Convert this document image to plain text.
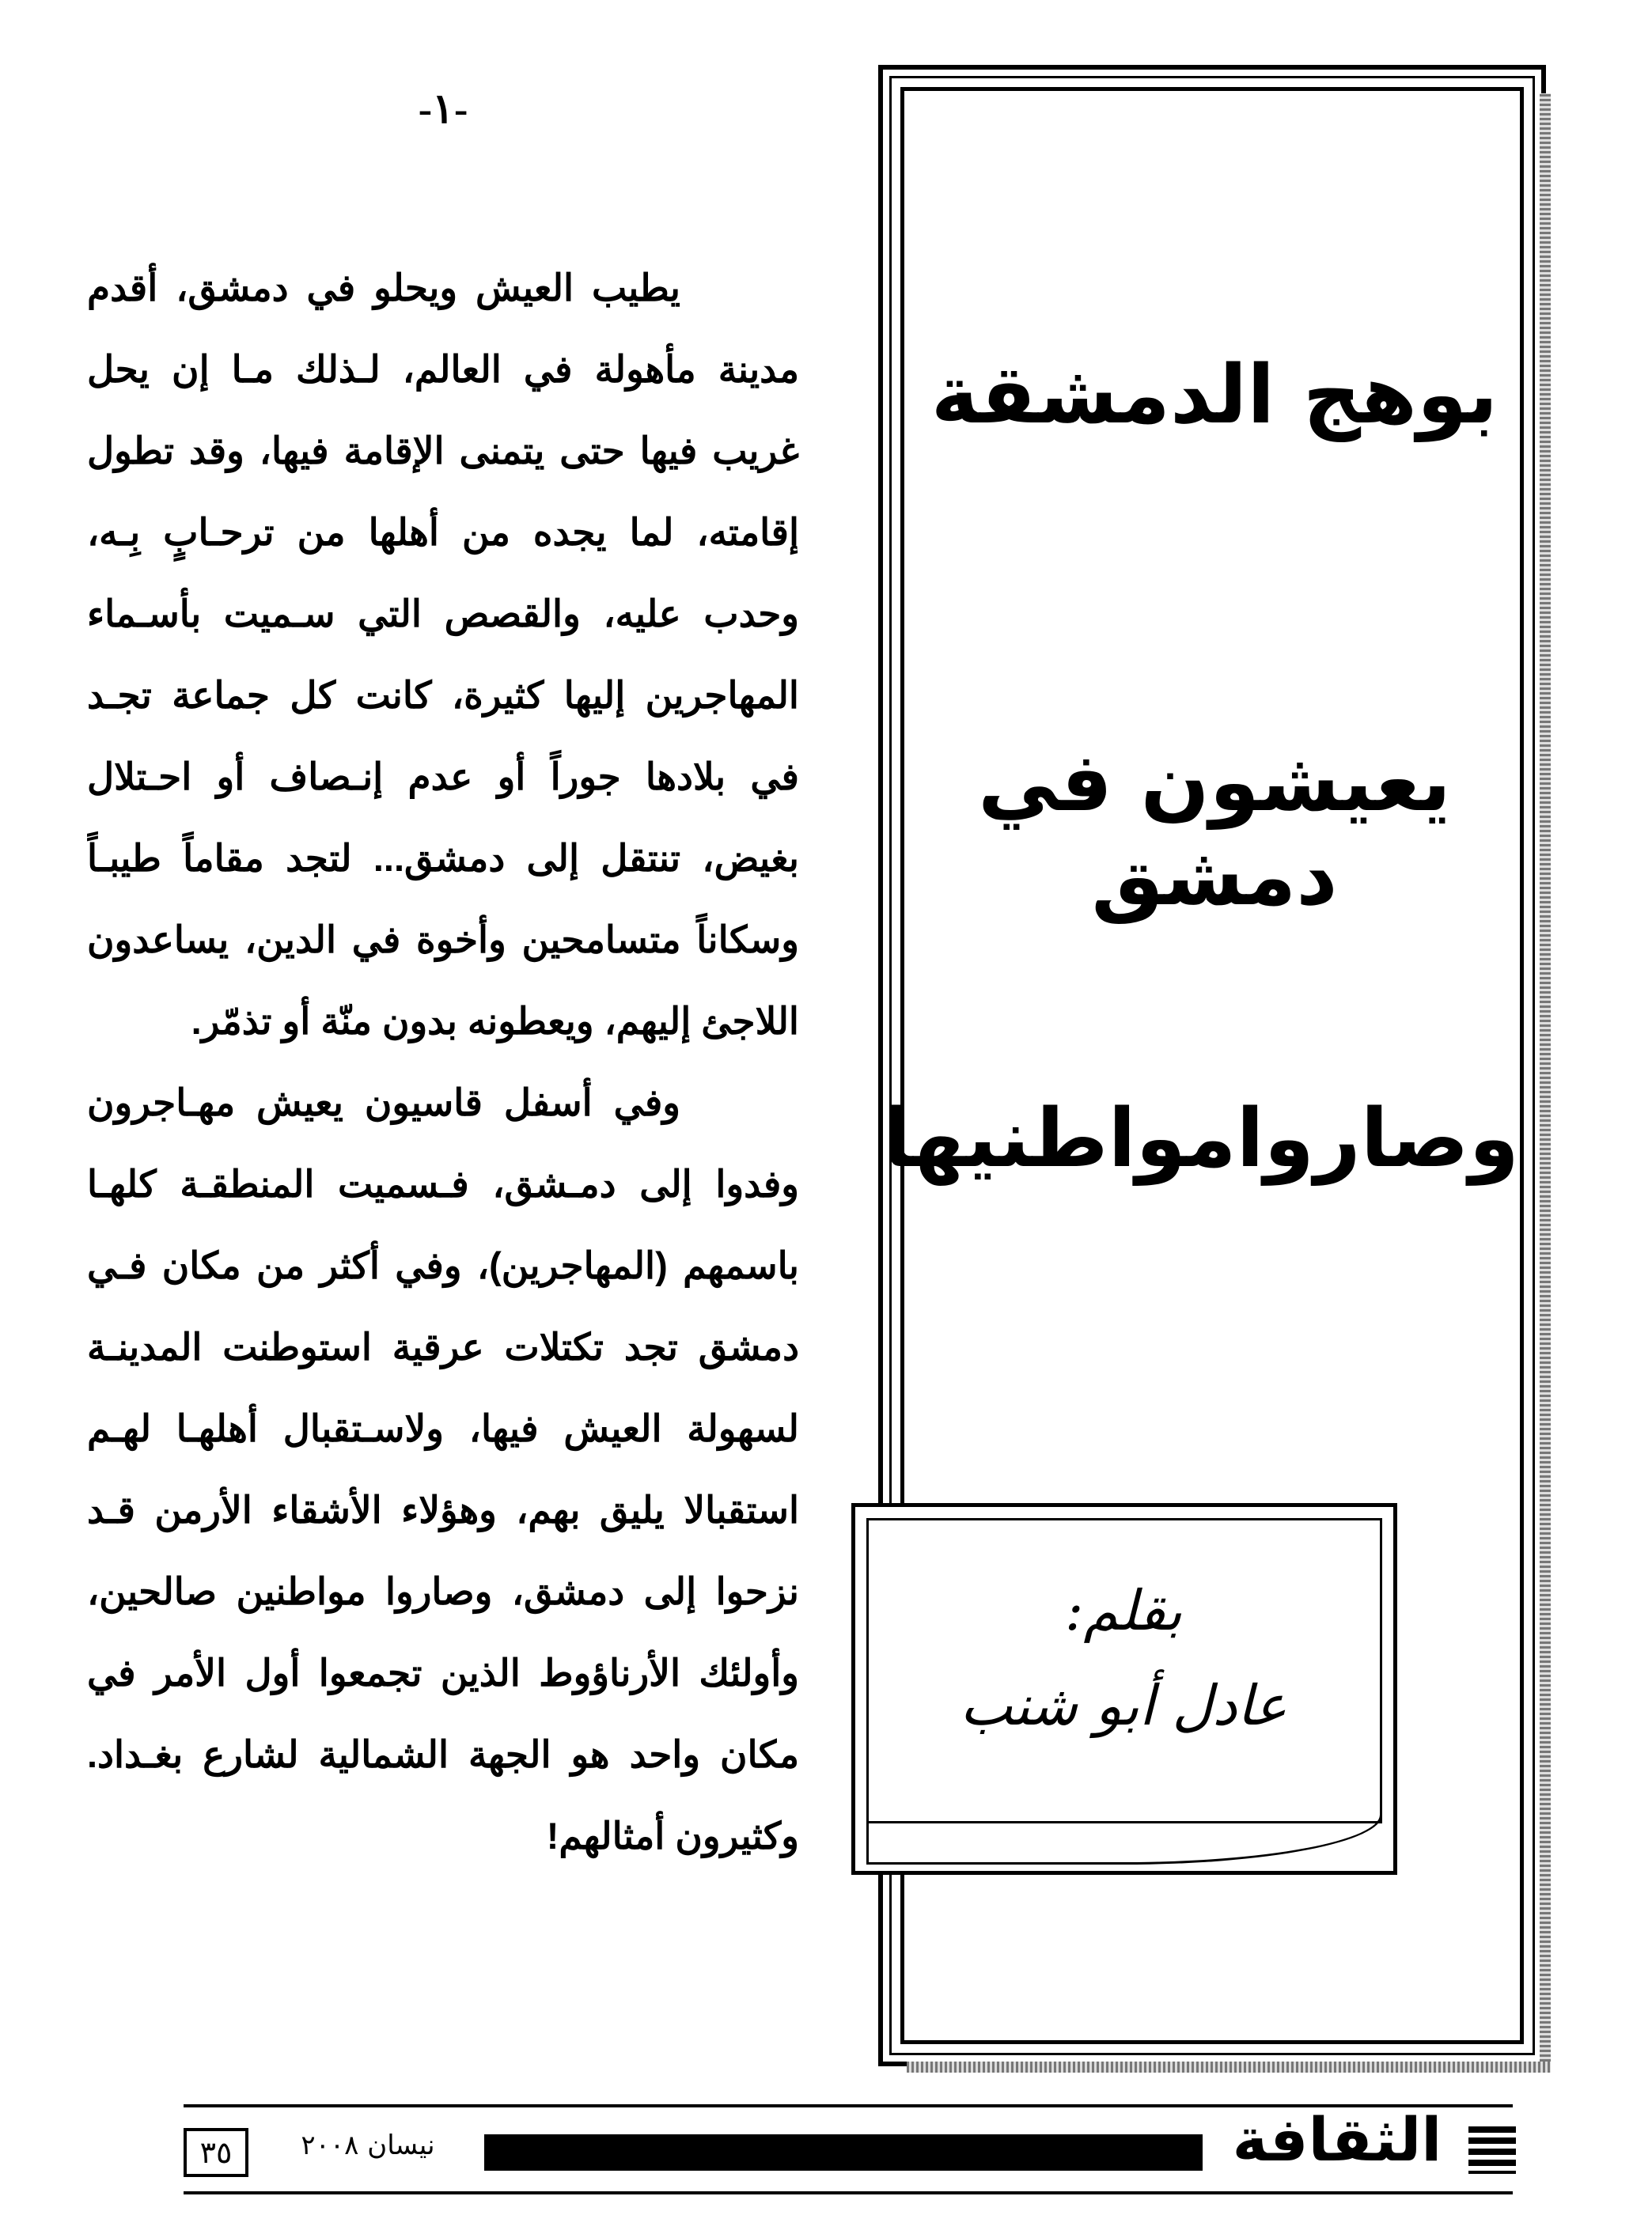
-١-
يطيب العيش ويحلو في دمشق، أقدم
مدينة مأهولة في العالم، لـذلك مـا إن يحل
غريب فيها حتى يتمنى الإقامة فيها، وقد تطول
إقامته، لما يجده من أهلها من ترحـابٍ بِـه،
وحدب عليه، والقصص التي سـميت بأسـماء
المهاجرين إليها كثيرة، كانت كل جماعة تجـد
في بلادها جوراً أو عدم إنـصاف أو احـتلال
بغيض، تنتقل إلى دمشق... لتجد مقاماً طيبـاً
وسكاناً متسامحين وأخوة في الدين، يساعدون
اللاجئ إليهم، ويعطونه بدون منّة أو تذمّر.
وفي أسفل قاسيون يعيش مهـاجرون
وفدوا إلى دمـشق، فـسميت المنطقـة كلهـا
باسمهم (المهاجرين)، وفي أكثر من مكان فـي
دمشق تجد تكتلات عرقية استوطنت المدينـة
لسهولة العيش فيها، ولاسـتقبال أهلهـا لهـم
استقبالا يليق بهم، وهؤلاء الأشقاء الأرمن قـد
نزحوا إلى دمشق، وصاروا مواطنين صالحين،
وأولئك الأرناؤوط الذين تجمعوا أول الأمر في
مكان واحد هو الجهة الشمالية لشارع بغـداد.
وكثيرون أمثالهم!
بوهج الدمشقة
يعيشون في دمشق
وصاروامواطنيها
بقلم:
عادل أبو شنب
٣٥	نيسان ٢٠٠٨	الثقافة
